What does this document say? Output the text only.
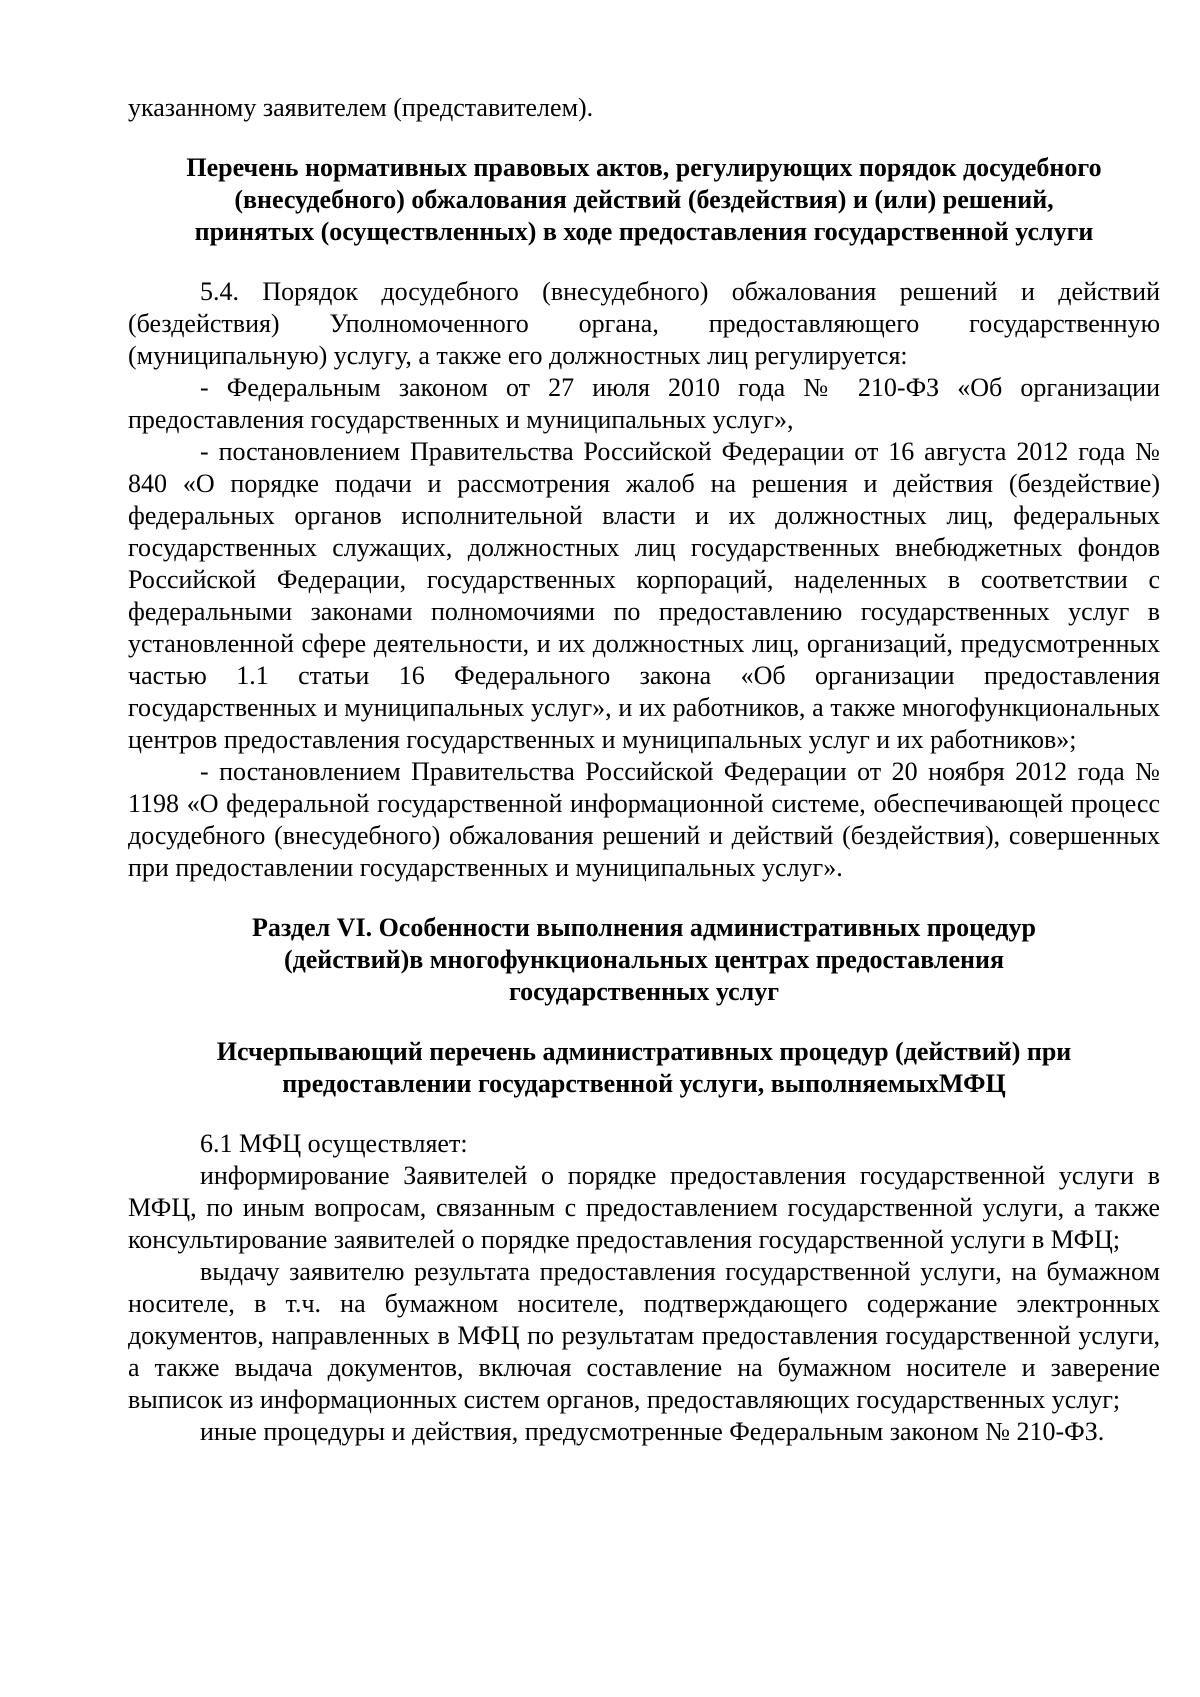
указанному заявителем (представителем).

Перечень нормативных правовых актов, регулирующих порядок досудебного
(внесудебного) обжалования действий (бездействия) и (или) решений,
принятых (осуществленных) в ходе предоставления государственной услуги

5.4. Порядок досудебного (внесудебного) обжалования решений и действий (бездействия) Уполномоченного органа, предоставляющего государственную (муниципальную) услугу, а также его должностных лиц регулируется:

- Федеральным законом от 27 июля 2010 года № 210-ФЗ «Об организации предоставления государственных и муниципальных услуг»,

- постановлением Правительства Российской Федерации от 16 августа 2012 года № 840 «О порядке подачи и рассмотрения жалоб на решения и действия (бездействие) федеральных органов исполнительной власти и их должностных лиц, федеральных государственных служащих, должностных лиц государственных внебюджетных фондов Российской Федерации, государственных корпораций, наделенных в соответствии с федеральными законами полномочиями по предоставлению государственных услуг в установленной сфере деятельности, и их должностных лиц, организаций, предусмотренных частью 1.1 статьи 16 Федерального закона «Об организации предоставления государственных и муниципальных услуг», и их работников, а также многофункциональных центров предоставления государственных и муниципальных услуг и их работников»;

- постановлением Правительства Российской Федерации от 20 ноября 2012 года № 1198 «О федеральной государственной информационной системе, обеспечивающей процесс досудебного (внесудебного) обжалования решений и действий (бездействия), совершенных при предоставлении государственных и муниципальных услуг».

Раздел VI. Особенности выполнения административных процедур
(действий)в многофункциональных центрах предоставления
государственных услуг
Исчерпывающий перечень административных процедур (действий) при
предоставлении государственной услуги, выполняемыхМФЦ

6.1 МФЦ осуществляет:

информирование Заявителей о порядке предоставления государственной услуги в МФЦ, по иным вопросам, связанным с предоставлением государственной услуги, а также консультирование заявителей о порядке предоставления государственной услуги в МФЦ;

выдачу заявителю результата предоставления государственной услуги, на бумажном носителе, в т.ч. на бумажном носителе, подтверждающего содержание электронных документов, направленных в МФЦ по результатам предоставления государственной услуги, а также выдача документов, включая составление на бумажном носителе и заверение выписок из информационных систем органов, предоставляющих государственных услуг;

иные процедуры и действия, предусмотренные Федеральным законом № 210-ФЗ.
